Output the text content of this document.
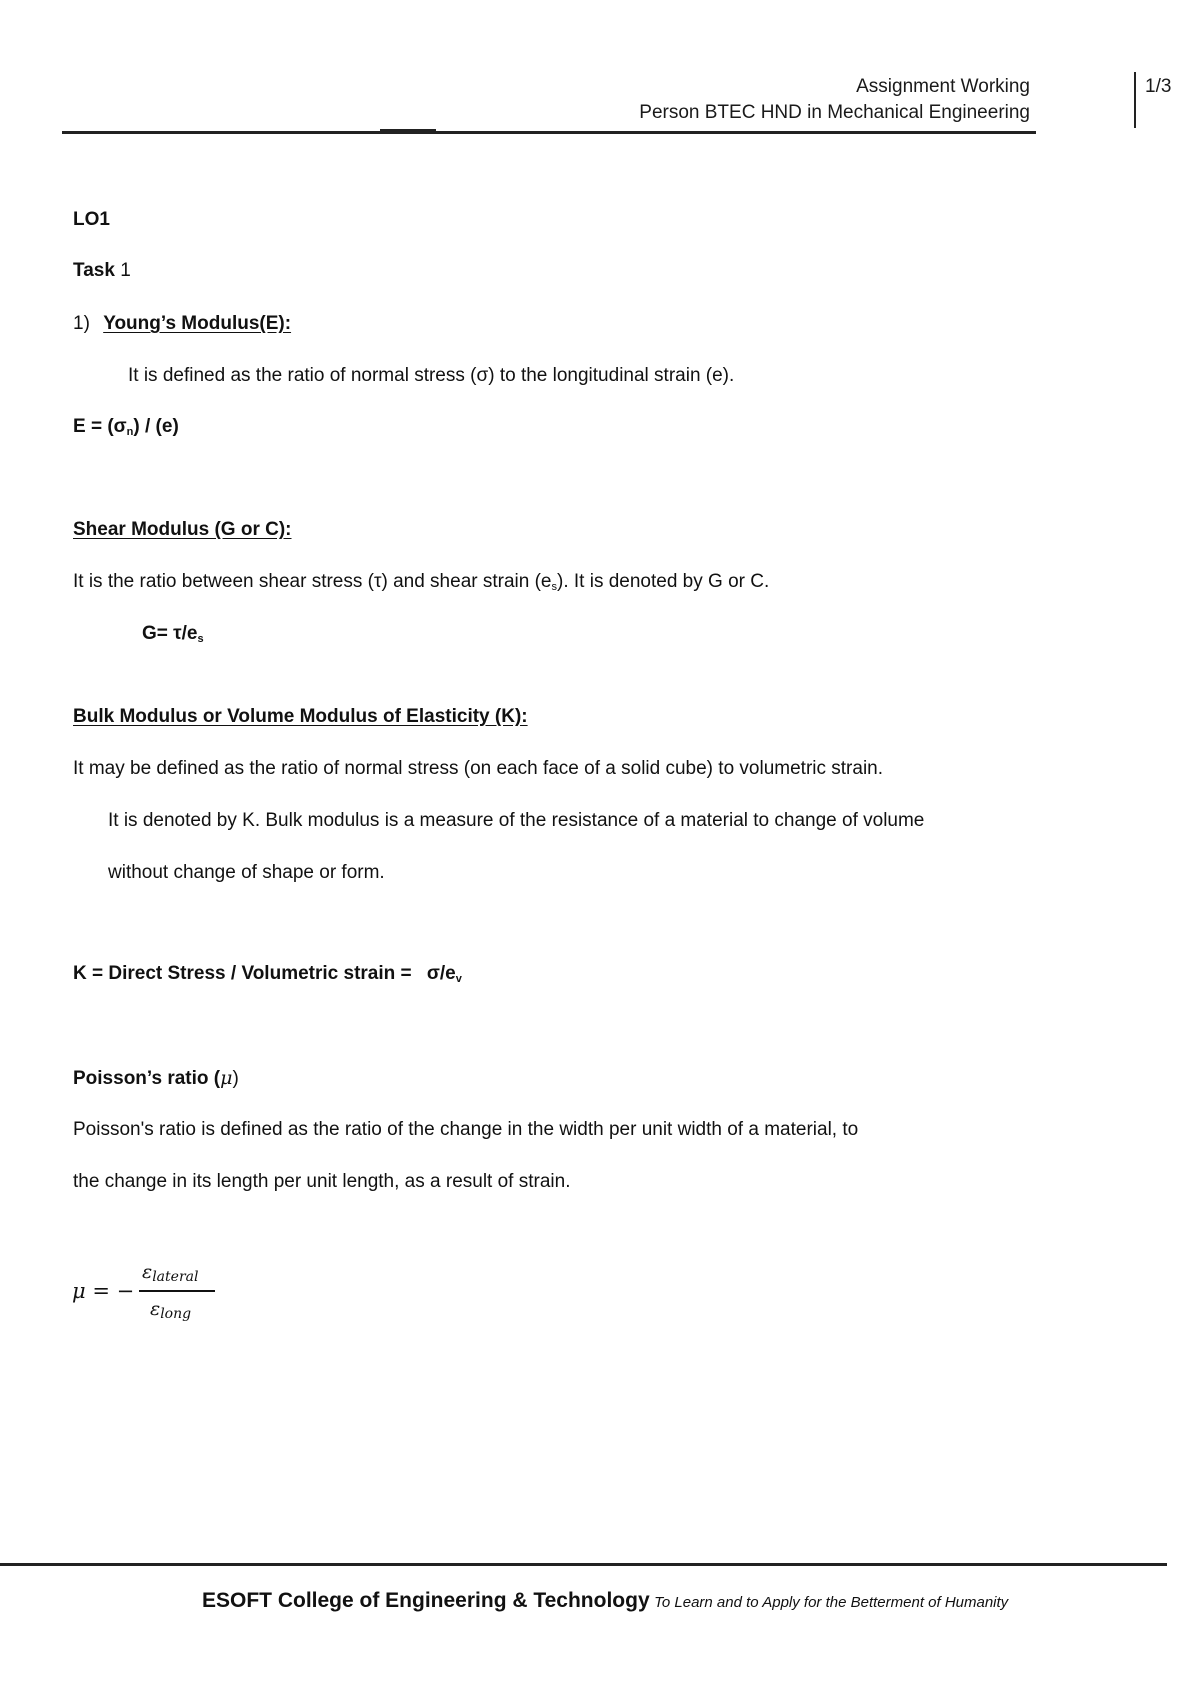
Assignment Working
Person BTEC HND in Mechanical Engineering
1/3
LO1
Task 1
1) Young’s Modulus(E):
It is defined as the ratio of normal stress (σ) to the longitudinal strain (e).
$E = (\sigma_n) / (e)$
Shear Modulus (G or C):
It is the ratio between shear stress (τ) and shear strain $(e_s)$. It is denoted by G or C.
$G= \tau/e_s$
Bulk Modulus or Volume Modulus of Elasticity (K):
It may be defined as the ratio of normal stress (on each face of a solid cube) to volumetric strain.
It is denoted by K. Bulk modulus is a measure of the resistance of a material to change of volume
without change of shape or form.
K = Direct Stress / Volumetric strain = $\sigma/e_v$
Poisson’s ratio (μ)
Poisson's ratio is defined as the ratio of the change in the width per unit width of a material, to
the change in its length per unit length, as a result of strain.
μ = −
$\varepsilon_{lateral}$
$\varepsilon_{long}$
ESOFT College of Engineering & Technology To Learn and to Apply for the Betterment of Humanity
